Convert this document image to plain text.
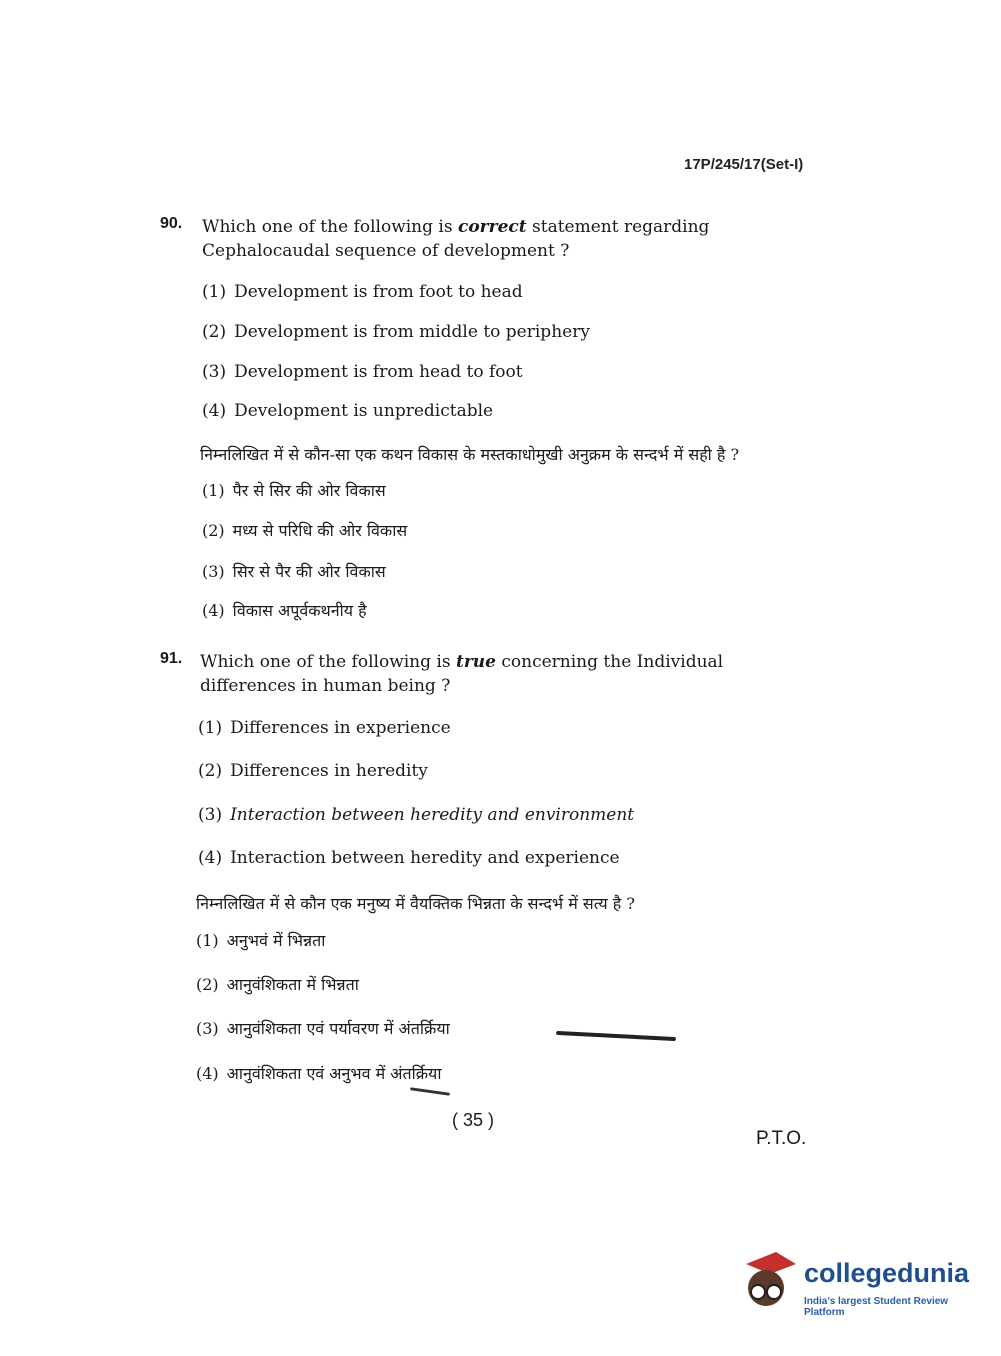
17P/245/17(Set-I)
90. Which one of the following is correct statement regarding Cephalocaudal sequence of development ?
(1) Development is from foot to head
(2) Development is from middle to periphery
(3) Development is from head to foot
(4) Development is unpredictable
निम्नलिखित में से कौन-सा एक कथन विकास के मस्तकाधोमुखी अनुक्रम के सन्दर्भ में सही है ?
(1) पैर से सिर की ओर विकास
(2) मध्य से परिधि की ओर विकास
(3) सिर से पैर की ओर विकास
(4) विकास अपूर्वकथनीय है
91. Which one of the following is true concerning the Individual differences in human being ?
(1) Differences in experience
(2) Differences in heredity
(3) Interaction between heredity and environment
(4) Interaction between heredity and experience
निम्नलिखित में से कौन एक मनुष्य में वैयक्तिक भिन्नता के सन्दर्भ में सत्य है ?
(1) अनुभवं में भिन्नता
(2) आनुवंशिकता में भिन्नता
(3) आनुवंशिकता एवं पर्यावरण में अंतर्क्रिया
(4) आनुवंशिकता एवं अनुभव में अंतर्क्रिया
( 35 )
P.T.O.
collegedunia
India's largest Student Review Platform
